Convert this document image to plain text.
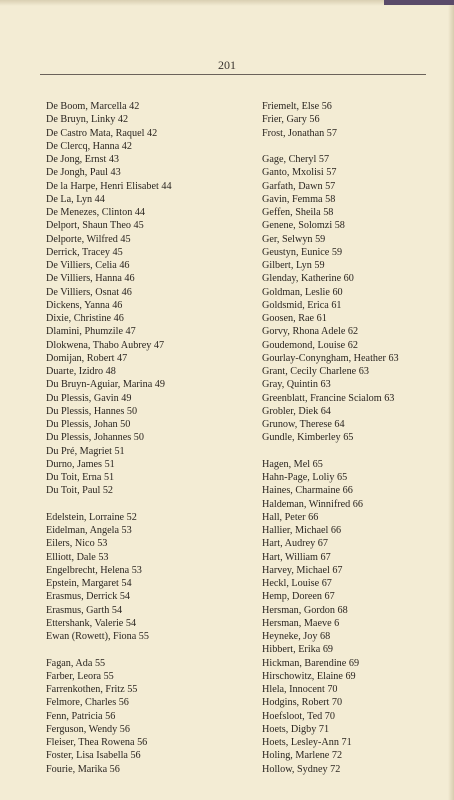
201
De Boom, Marcella 42
De Bruyn, Linky 42
De Castro Mata, Raquel 42
De Clercq, Hanna 42
De Jong, Ernst 43
De Jongh, Paul 43
De la Harpe, Henri Elisabet 44
De La, Lyn 44
De Menezes, Clinton 44
Delport, Shaun Theo 45
Delporte, Wilfred 45
Derrick, Tracey 45
De Villiers, Celia 46
De Villiers, Hanna 46
De Villiers, Osnat 46
Dickens, Yanna 46
Dixie, Christine 46
Dlamini, Phumzile 47
Dlokwena, Thabo Aubrey 47
Domijan, Robert 47
Duarte, Izidro 48
Du Bruyn-Aguiar, Marina 49
Du Plessis, Gavin 49
Du Plessis, Hannes 50
Du Plessis, Johan 50
Du Plessis, Johannes 50
Du Pré, Magriet 51
Durno, James 51
Du Toit, Erna 51
Du Toit, Paul 52
Edelstein, Lorraine 52
Eidelman, Angela 53
Eilers, Nico 53
Elliott, Dale 53
Engelbrecht, Helena 53
Epstein, Margaret 54
Erasmus, Derrick 54
Erasmus, Garth 54
Ettershank, Valerie 54
Ewan (Rowett), Fiona 55
Fagan, Ada 55
Farber, Leora 55
Farrenkothen, Fritz 55
Felmore, Charles 56
Fenn, Patricia 56
Ferguson, Wendy 56
Fleiser, Thea Rowena 56
Foster, Lisa Isabella 56
Fourie, Marika 56
Friemelt, Else 56
Frier, Gary 56
Frost, Jonathan 57
Gage, Cheryl 57
Ganto, Mxolisi 57
Garfath, Dawn 57
Gavin, Femma 58
Geffen, Sheila 58
Genene, Solomzi 58
Ger, Selwyn 59
Geustyn, Eunice 59
Gilbert, Lyn 59
Glenday, Katherine 60
Goldman, Leslie 60
Goldsmid, Erica 61
Goosen, Rae 61
Gorvy, Rhona Adele 62
Goudemond, Louise 62
Gourlay-Conyngham, Heather 63
Grant, Cecily Charlene 63
Gray, Quintin 63
Greenblatt, Francine Scialom 63
Grobler, Diek 64
Grunow, Therese 64
Gundle, Kimberley 65
Hagen, Mel 65
Hahn-Page, Loliy 65
Haines, Charmaine 66
Haldeman, Winnifred 66
Hall, Peter 66
Hallier, Michael 66
Hart, Audrey 67
Hart, William 67
Harvey, Michael 67
Heckl, Louise 67
Hemp, Doreen 67
Hersman, Gordon 68
Hersman, Maeve 6
Heyneke, Joy 68
Hibbert, Erika 69
Hickman, Barendine 69
Hirschowitz, Elaine 69
Hlela, Innocent 70
Hodgins, Robert 70
Hoefsloot, Ted 70
Hoets, Digby 71
Hoets, Lesley-Ann 71
Holing, Marlene 72
Hollow, Sydney 72
